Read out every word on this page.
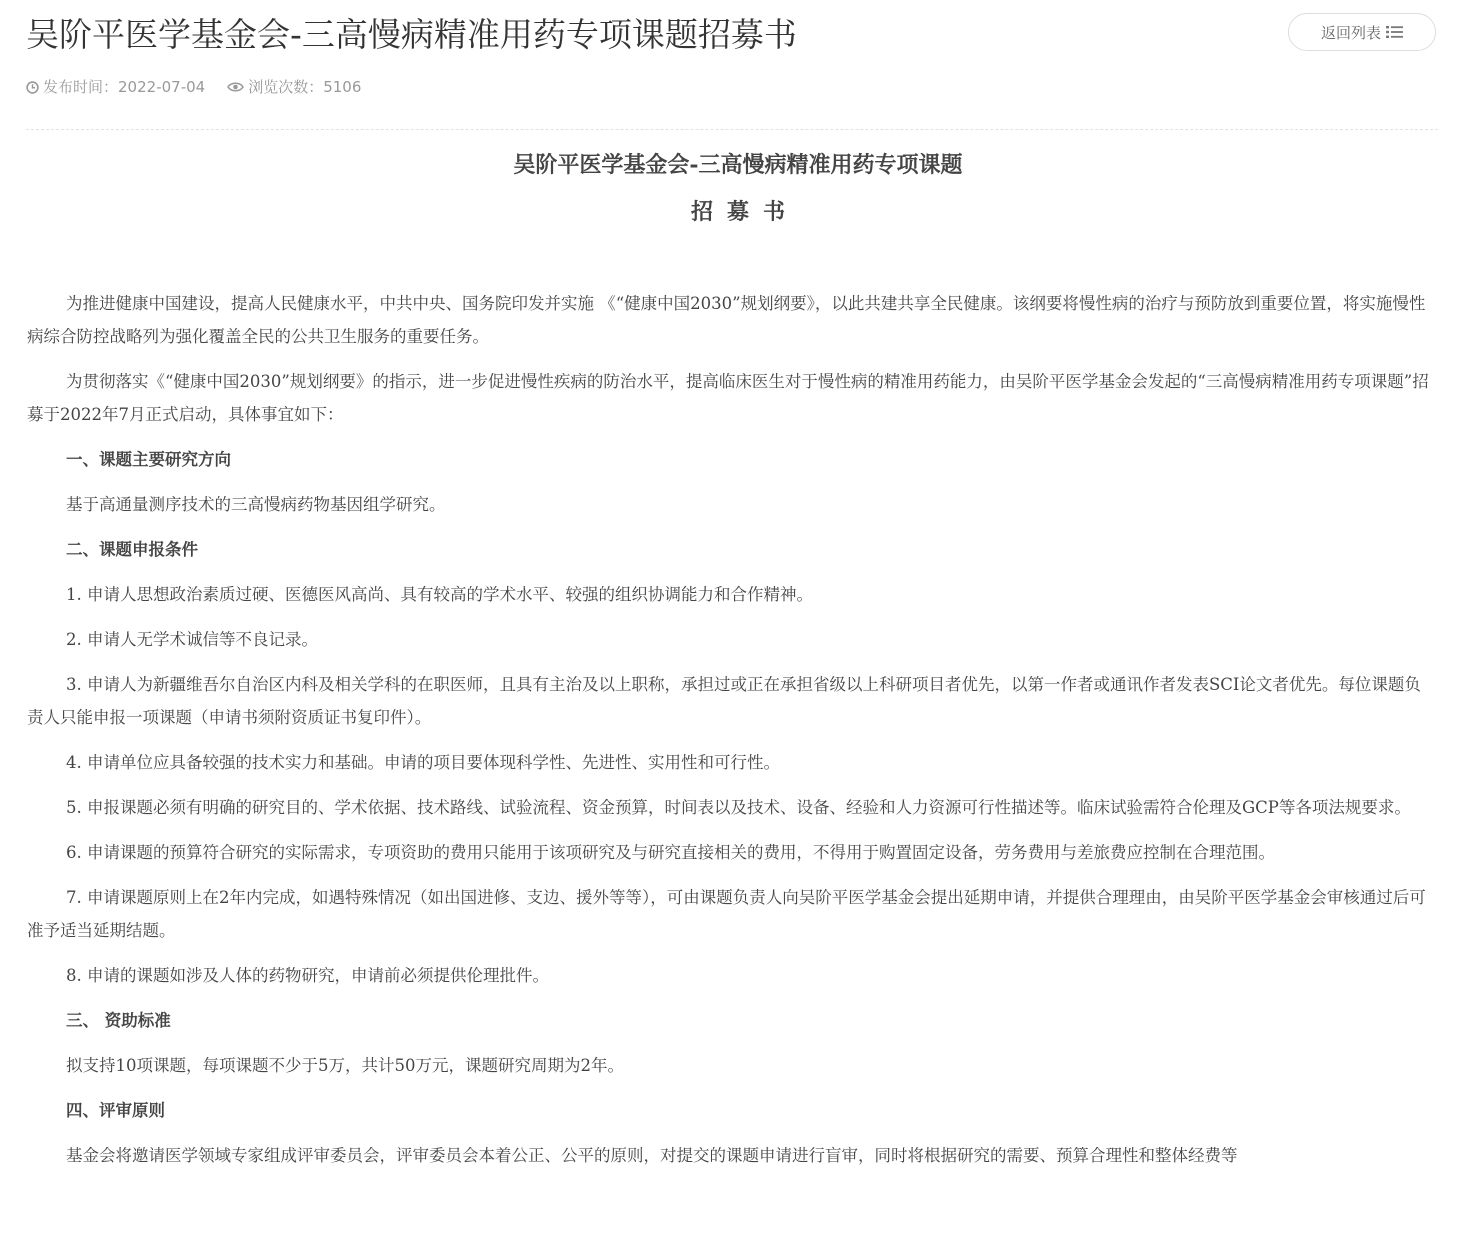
吴阶平医学基金会-三高慢病精准用药专项课题招募书	返回列表
发布时间： 2022-07-04	浏览次数： 5106
吴阶平医学基金会-三高慢病精准用药专项课题
招募书

为推进健康中国建设，提高人民健康水平，中共中央、国务院印发并实施 《“健康中国2030”规划纲要》，以此共建共享全民健康。该纲要将慢性病的治疗与预防放到重要位置，将实施慢性病综合防控战略列为强化覆盖全民的公共卫生服务的重要任务。

为贯彻落实《“健康中国2030”规划纲要》的指示，进一步促进慢性疾病的防治水平，提高临床医生对于慢性病的精准用药能力，由吴阶平医学基金会发起的“三高慢病精准用药专项课题”招募于2022年7月正式启动，具体事宜如下：

一、课题主要研究方向

基于高通量测序技术的三高慢病药物基因组学研究。

二、课题申报条件

1. 申请人思想政治素质过硬、医德医风高尚、具有较高的学术水平、较强的组织协调能力和合作精神。

2. 申请人无学术诚信等不良记录。

3. 申请人为新疆维吾尔自治区内科及相关学科的在职医师，且具有主治及以上职称，承担过或正在承担省级以上科研项目者优先，以第一作者或通讯作者发表SCI论文者优先。每位课题负责人只能申报一项课题（申请书须附资质证书复印件）。

4. 申请单位应具备较强的技术实力和基础。申请的项目要体现科学性、先进性、实用性和可行性。

5. 申报课题必须有明确的研究目的、学术依据、技术路线、试验流程、资金预算，时间表以及技术、设备、经验和人力资源可行性描述等。临床试验需符合伦理及GCP等各项法规要求。

6. 申请课题的预算符合研究的实际需求，专项资助的费用只能用于该项研究及与研究直接相关的费用，不得用于购置固定设备，劳务费用与差旅费应控制在合理范围。

7. 申请课题原则上在2年内完成，如遇特殊情况（如出国进修、支边、援外等等），可由课题负责人向吴阶平医学基金会提出延期申请，并提供合理理由，由吴阶平医学基金会审核通过后可准予适当延期结题。

8. 申请的课题如涉及人体的药物研究，申请前必须提供伦理批件。

三、 资助标准

拟支持10项课题，每项课题不少于5万，共计50万元，课题研究周期为2年。

四、评审原则

基金会将邀请医学领域专家组成评审委员会，评审委员会本着公正、公平的原则，对提交的课题申请进行盲审，同时将根据研究的需要、预算合理性和整体经费等
